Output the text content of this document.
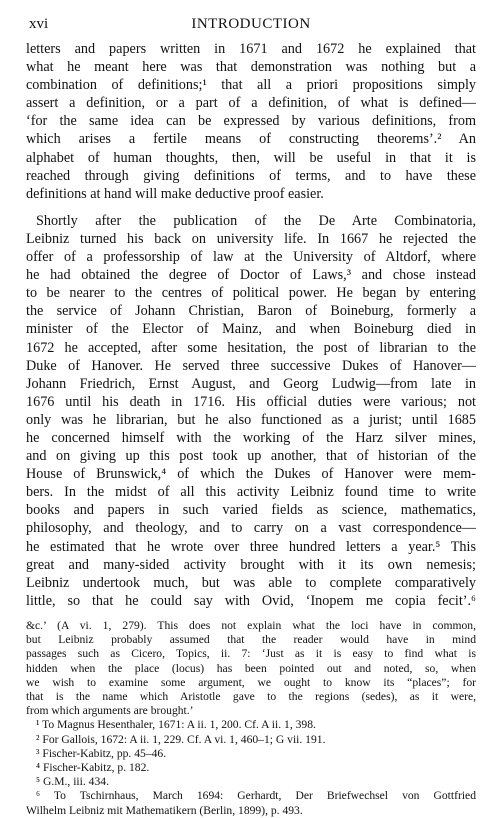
xvi	INTRODUCTION
letters and papers written in 1671 and 1672 he explained that
what he meant here was that demonstration was nothing but a
combination of definitions;¹ that all a priori propositions simply
assert a definition, or a part of a definition, of what is defined—
‘for the same idea can be expressed by various definitions, from
which arises a fertile means of constructing theorems’.² An
alphabet of human thoughts, then, will be useful in that it is
reached through giving definitions of terms, and to have these
definitions at hand will make deductive proof easier.
Shortly after the publication of the De Arte Combinatoria,
Leibniz turned his back on university life. In 1667 he rejected the
offer of a professorship of law at the University of Altdorf, where
he had obtained the degree of Doctor of Laws,³ and chose instead
to be nearer to the centres of political power. He began by entering
the service of Johann Christian, Baron of Boineburg, formerly a
minister of the Elector of Mainz, and when Boineburg died in
1672 he accepted, after some hesitation, the post of librarian to the
Duke of Hanover. He served three successive Dukes of Hanover—
Johann Friedrich, Ernst August, and Georg Ludwig—from late in
1676 until his death in 1716. His official duties were various; not
only was he librarian, but he also functioned as a jurist; until 1685
he concerned himself with the working of the Harz silver mines,
and on giving up this post took up another, that of historian of the
House of Brunswick,⁴ of which the Dukes of Hanover were mem-
bers. In the midst of all this activity Leibniz found time to write
books and papers in such varied fields as science, mathematics,
philosophy, and theology, and to carry on a vast correspondence—
he estimated that he wrote over three hundred letters a year.⁵ This
great and many-sided activity brought with it its own nemesis;
Leibniz undertook much, but was able to complete comparatively
little, so that he could say with Ovid, ‘Inopem me copia fecit’.⁶
&c.’ (A vi. 1, 279). This does not explain what the loci have in common,
but Leibniz probably assumed that the reader would have in mind
passages such as Cicero, Topics, ii. 7: ‘Just as it is easy to find what is
hidden when the place (locus) has been pointed out and noted, so, when
we wish to examine some argument, we ought to know its “places”; for
that is the name which Aristotle gave to the regions (sedes), as it were,
from which arguments are brought.’
¹ To Magnus Hesenthaler, 1671: A ii. 1, 200. Cf. A ii. 1, 398.
² For Gallois, 1672: A ii. 1, 229. Cf. A vi. 1, 460–1; G vii. 191.
³ Fischer-Kabitz, pp. 45–46.
⁴ Fischer-Kabitz, p. 182.
⁵ G.M., iii. 434.
⁶ To Tschirnhaus, March 1694: Gerhardt, Der Briefwechsel von Gottfried
Wilhelm Leibniz mit Mathematikern (Berlin, 1899), p. 493.
